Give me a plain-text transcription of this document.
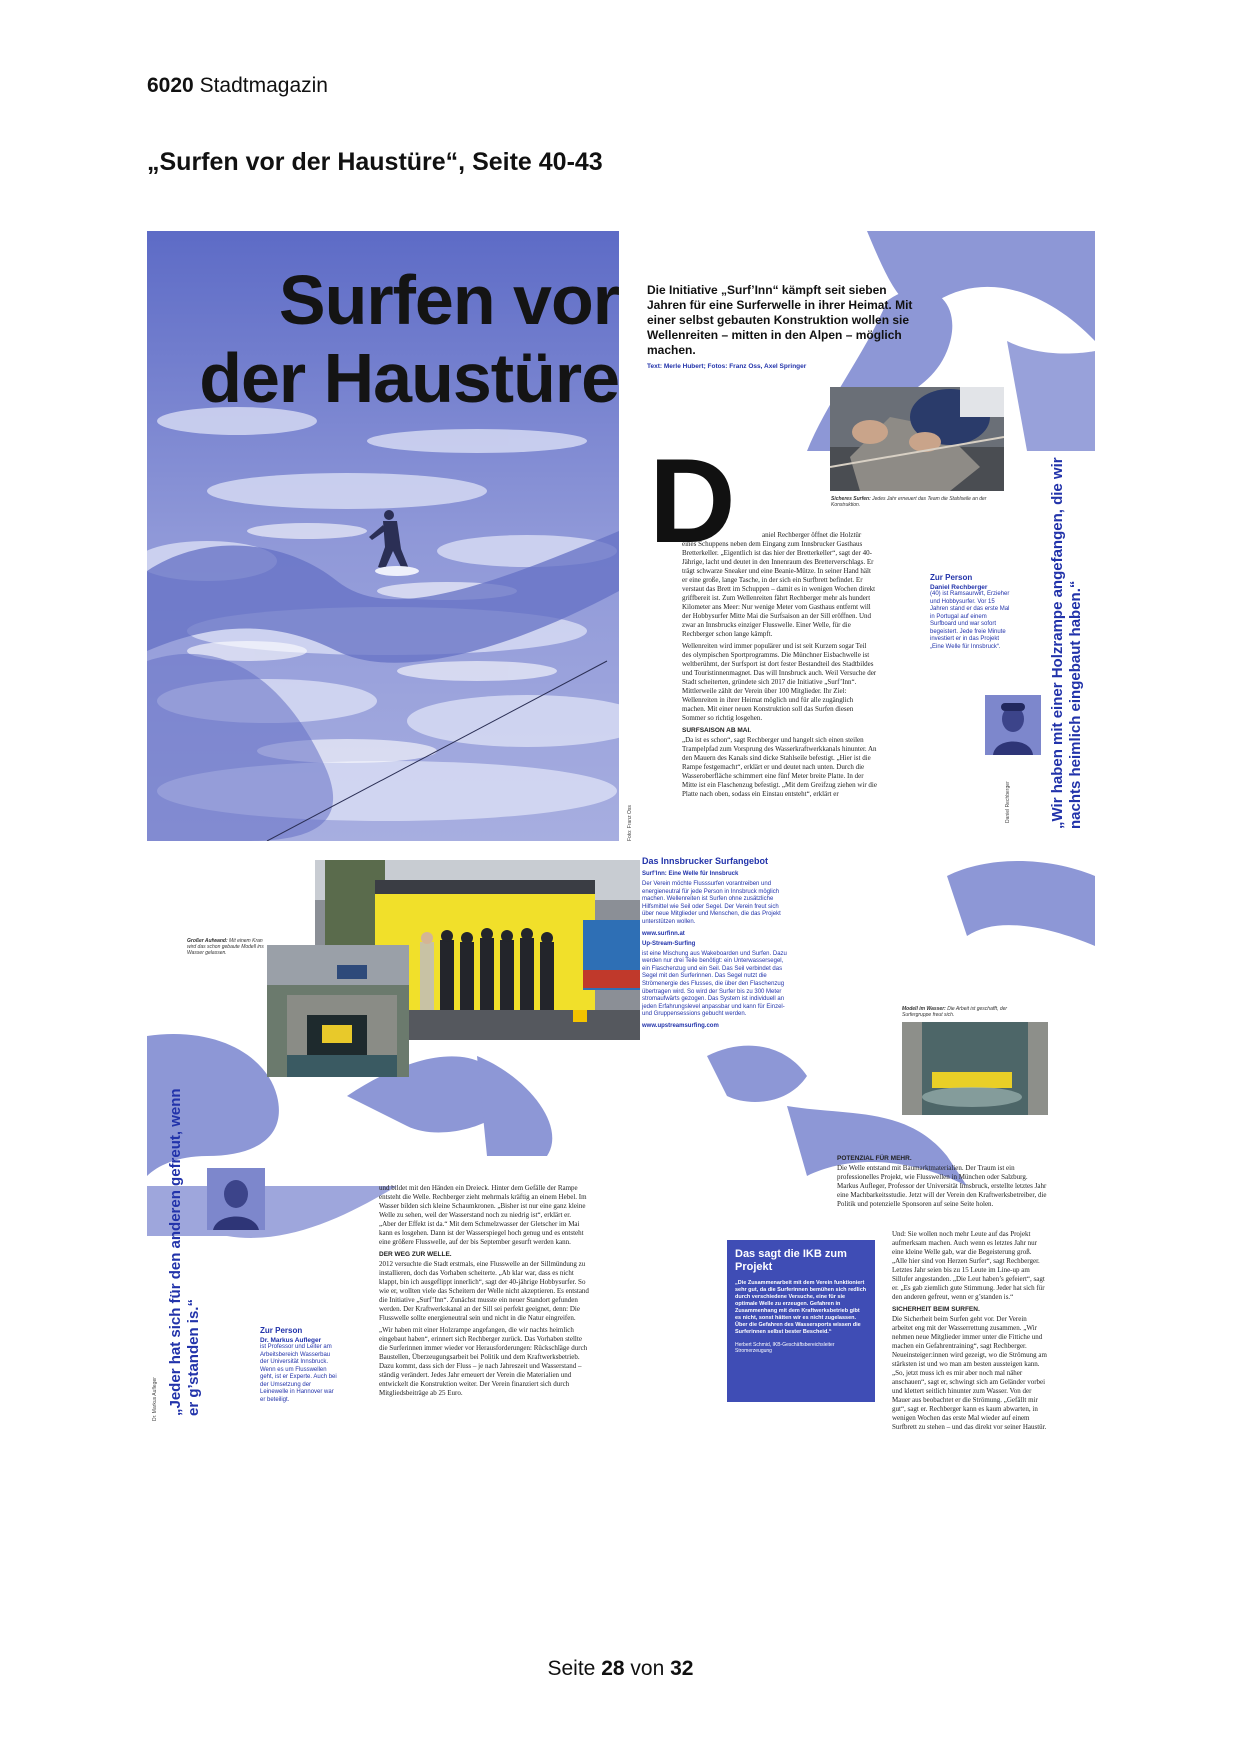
6020 Stadtmagazin
„Surfen vor der Haustüre“, Seite 40-43
Surfen vor
der Haustüre
Foto: Franz Oss
Die Initiative „Surf’Inn“ kämpft seit sieben Jahren für eine Surferwelle in ihrer Heimat. Mit einer selbst gebauten Konstruktion wollen sie Wellenreiten – mitten in den Alpen – möglich machen.
Text: Merle Hubert; Fotos: Franz Oss, Axel Springer
Sicheres Surfen: Jedes Jahr erneuert das Team die Stahlseile an der Konstruktion.
D	aniel Rechberger öffnet die Holztür eines Schuppens neben dem Eingang zum Innsbrucker Gasthaus Bretterkeller. „Eigentlich ist das hier der Bretterkeller“, sagt der 40-Jährige, lacht und deutet in den Innenraum des Bretterverschlags. Er trägt schwarze Sneaker und eine Beanie-Mütze. In seiner Hand hält er eine große, lange Tasche, in der sich ein Surfbrett befindet. Er verstaut das Brett im Schuppen – damit es in wenigen Wochen direkt griffbereit ist. Zum Wellenreiten fährt Rechberger mehr als hundert Kilometer ans Meer: Nur wenige Meter vom Gasthaus entfernt will der Hobbysurfer Mitte Mai die Surfsaison an der Sill eröffnen. Und zwar an Innsbrucks einziger Flusswelle. Einer Welle, für die Rechberger schon lange kämpft.

Wellenreiten wird immer populärer und ist seit Kurzem sogar Teil des olympischen Sportprogramms. Die Münchner Eisbachwelle ist weltberühmt, der Surfsport ist dort fester Bestandteil des Stadtbildes und Touristinnenmagnet. Das will Innsbruck auch. Weil Versuche der Stadt scheiterten, gründete sich 2017 die Initiative „Surf’Inn“. Mittlerweile zählt der Verein über 100 Mitglieder. Ihr Ziel: Wellenreiten in ihrer Heimat möglich und für alle zugänglich machen. Mit einer neuen Konstruktion soll das Surfen diesen Sommer so richtig losgehen.

SURFSAISON AB MAI.

„Da ist es schon“, sagt Rechberger und hangelt sich einen steilen Trampelpfad zum Vorsprung des Wasserkraftwerkkanals hinunter. An den Mauern des Kanals sind dicke Stahlseile befestigt. „Hier ist die Rampe festgemacht“, erklärt er und deutet nach unten. Durch die Wasseroberfläche schimmert eine fünf Meter breite Platte. In der Mitte ist ein Flaschenzug befestigt. „Mit dem Greifzug ziehen wir die Platte nach oben, sodass ein Einstau entsteht“, erklärt er

Zur Person
Daniel Rechberger
(40) ist Ramsaurwirt, Erzieher und Hobbysurfer. Vor 15 Jahren stand er das erste Mal in Portugal auf einem Surfboard und war sofort begeistert. Jede freie Minute investiert er in das Projekt „Eine Welle für Innsbruck“.
Daniel Rechberger	„Wir haben mit einer Holzrampe angefangen, die wir nachts heimlich eingebaut haben.“
Großer Aufwand: Mit einem Kran wird das schon gebaute Modell ins Wasser gelassen.
Das Innsbrucker Surfangebot
Surf’Inn: Eine Welle für Innsbruck
Der Verein möchte Flusssurfen vorantreiben und energieneutral für jede Person in Innsbruck möglich machen. Wellenreiten ist Surfen ohne zusätzliche Hilfsmittel wie Seil oder Segel. Der Verein freut sich über neue Mitglieder und Menschen, die das Projekt unterstützen wollen.
www.surfinn.at
Up-Stream-Surfing
ist eine Mischung aus Wakeboarden und Surfen. Dazu werden nur drei Teile benötigt: ein Unterwassersegel, ein Flaschenzug und ein Seil. Das Seil verbindet das Segel mit den Surferinnen. Das Segel nutzt die Strömenergie des Flusses, die über den Flaschenzug übertragen wird. So wird der Surfer bis zu 300 Meter stromaufwärts gezogen. Das System ist individuell an jeden Erfahrungslevel anpassbar und kann für Einzel- und Gruppensessions gebucht werden.
www.upstreamsurfing.com
Modell im Wasser: Die Arbeit ist geschafft, der Surfergruppe freut sich.
„Jeder hat sich für den anderen gefreut, wenn er g’standen is.“
Dr. Markus Aufleger
Zur Person
Dr. Markus Aufleger
ist Professor und Leiter am Arbeitsbereich Wasserbau der Universität Innsbruck. Wenn es um Flusswellen geht, ist er Experte. Auch bei der Umsetzung der Leinewelle in Hannover war er beteiligt.

und bildet mit den Händen ein Dreieck. Hinter dem Gefälle der Rampe entsteht die Welle. Rechberger zieht mehrmals kräftig an einem Hebel. Im Wasser bilden sich kleine Schaumkronen. „Bisher ist nur eine ganz kleine Welle zu sehen, weil der Wasserstand noch zu niedrig ist“, erklärt er. „Aber der Effekt ist da.“ Mit dem Schmelzwasser der Gletscher im Mai kann es losgehen. Dann ist der Wasserspiegel hoch genug und es entsteht eine größere Flusswelle, auf der bis September gesurft werden kann.

DER WEG ZUR WELLE.

2012 versuchte die Stadt erstmals, eine Flusswelle an der Sillmündung zu installieren, doch das Vorhaben scheiterte. „Ab klar war, dass es nicht klappt, bin ich ausgeflippt innerlich“, sagt der 40-jährige Hobbysurfer. So wie er, wollten viele das Scheitern der Welle nicht akzeptieren. Es entstand die Initiative „Surf’Inn“. Zunächst musste ein neuer Standort gefunden werden. Der Kraftwerkskanal an der Sill sei perfekt geeignet, denn: Die Flusswelle sollte energieneutral sein und nicht in die Natur eingreifen.

„Wir haben mit einer Holzrampe angefangen, die wir nachts heimlich eingebaut haben“, erinnert sich Rechberger zurück. Das Vorhaben stellte die Surferinnen immer wieder vor Herausforderungen: Rückschläge durch Baustellen, Überzeugungsarbeit bei Politik und dem Kraftwerksbetrieb. Dazu kommt, dass sich der Fluss – je nach Jahreszeit und Wasserstand – ständig verändert. Jedes Jahr erneuert der Verein die Materialien und entwickelt die Konstruktion weiter. Der Verein finanziert sich durch Mitgliedsbeiträge ab 25 Euro.

Das sagt die IKB zum Projekt
„Die Zusammenarbeit mit dem Verein funktioniert sehr gut, da die Surferinnen bemühen sich redlich durch verschiedene Versuche, eine für sie optimale Welle zu erzeugen. Gefahren in Zusammenhang mit dem Kraftwerksbetrieb gibt es nicht, sonst hätten wir es nicht zugelassen. Über die Gefahren des Wassersports wissen die Surferinnen selbst bester Bescheid.“
Herbert Schmid, IKB-Geschäftsbereichsleiter Stromerzeugung
POTENZIAL FÜR MEHR.

Die Welle entstand mit Baumarktmaterialien. Der Traum ist ein professionelles Projekt, wie Flusswellen in München oder Salzburg. Markus Aufleger, Professor der Universität Innsbruck, erstellte letztes Jahr eine Machbarkeitsstudie. Jetzt will der Verein den Kraftwerksbetreiber, die Politik und potenzielle Sponsoren auf seine Seite holen.

Und: Sie wollen noch mehr Leute auf das Projekt aufmerksam machen. Auch wenn es letztes Jahr nur eine kleine Welle gab, war die Begeisterung groß. „Alle hier sind von Herzen Surfer“, sagt Rechberger. Letztes Jahr seien bis zu 15 Leute im Line-up am Sillufer angestanden. „Die Leut haben’s gefeiert“, sagt er. „Es gab ziemlich gute Stimmung. Jeder hat sich für den anderen gefreut, wenn er g’standen is.“

SICHERHEIT BEIM SURFEN.

Die Sicherheit beim Surfen geht vor. Der Verein arbeitet eng mit der Wasserrettung zusammen. „Wir nehmen neue Mitglieder immer unter die Fittiche und machen ein Gefahrentraining“, sagt Rechberger. Neueinsteiger:innen wird gezeigt, wo die Strömung am stärksten ist und wo man am besten aussteigen kann. „So, jetzt muss ich es mir aber noch mal näher anschauen“, sagt er, schwingt sich am Geländer vorbei und klettert seitlich hinunter zum Wasser. Von der Mauer aus beobachtet er die Strömung. „Gefällt mir gut“, sagt er. Rechberger kann es kaum abwarten, in wenigen Wochen das erste Mal wieder auf einem Surfbrett zu stehen – und das direkt vor seiner Haustür.

Seite 28 von 32
